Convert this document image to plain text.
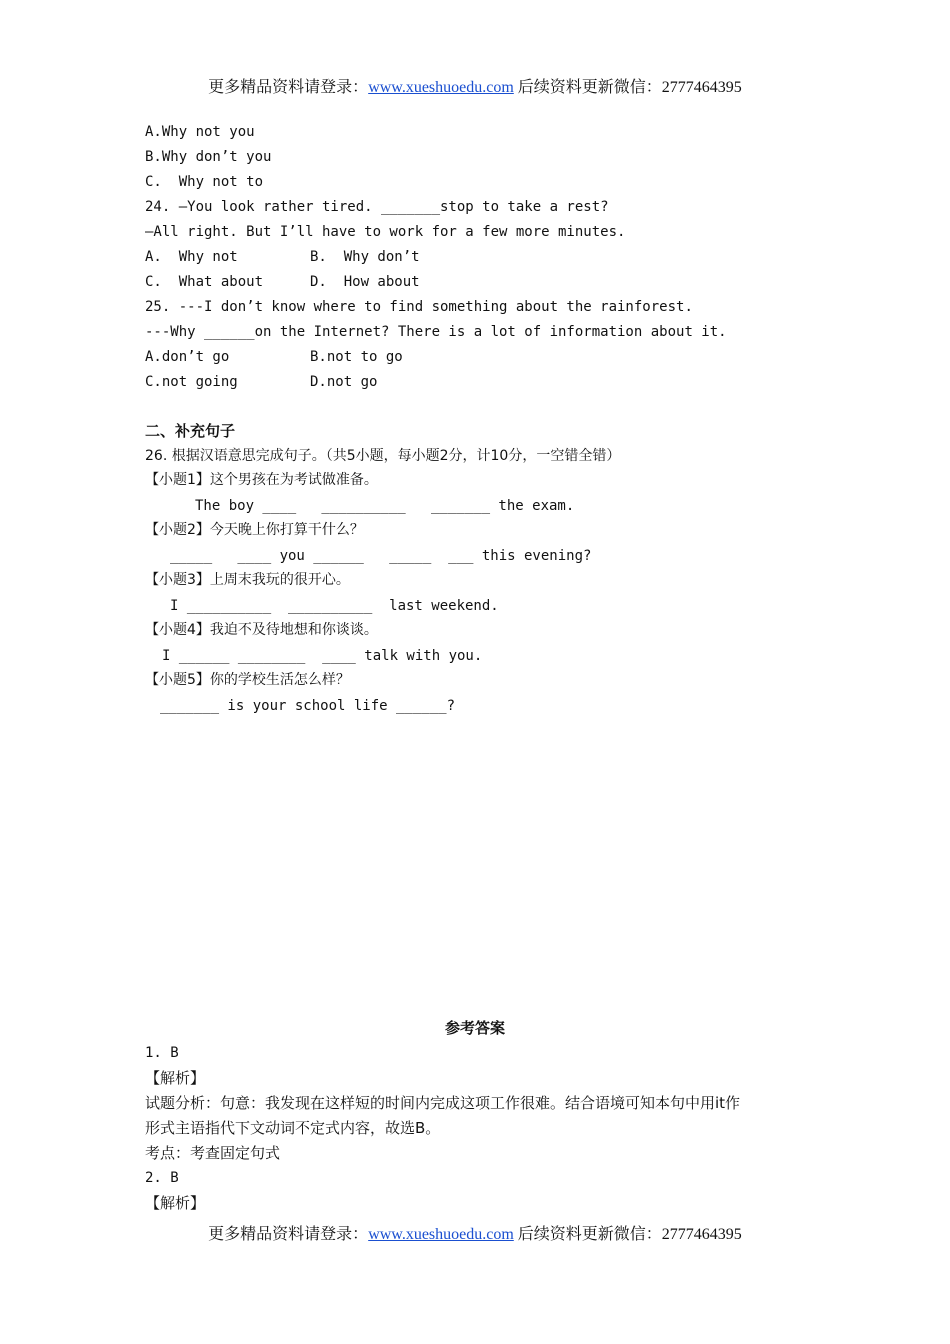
更多精品资料请登录：www.xueshuoedu.com 后续资料更新微信：2777464395
A.Why not you
B.Why don’t you
C.  Why not to
24. —You look rather tired. _______stop to take a rest?
—All right. But I’ll have to work for a few more minutes.
A.  Why not	B.  Why don’t
C.  What about	D.  How about
25. ---I don’t know where to find something about the rainforest.
---Why ______on the Internet? There is a lot of information about it.
A.don’t go	B.not to go
C.not going	D.not go
二、补充句子
26. 根据汉语意思完成句子。（共5小题，每小题2分，计10分，一空错全错）
【小题1】这个男孩在为考试做准备。
The boy ____   __________   _______ the exam.
【小题2】今天晚上你打算干什么？
_____   ____ you ______   _____  ___ this evening?
【小题3】上周末我玩的很开心。
I __________  __________  last weekend.
【小题4】我迫不及待地想和你谈谈。
I ______ ________  ____ talk with you.
【小题5】你的学校生活怎么样？
_______ is your school life ______?
参考答案
1. B
【解析】
试题分析：句意：我发现在这样短的时间内完成这项工作很难。结合语境可知本句中用it作
形式主语指代下文动词不定式内容，故选B。
考点：考查固定句式
2. B
【解析】
更多精品资料请登录：www.xueshuoedu.com 后续资料更新微信：2777464395
